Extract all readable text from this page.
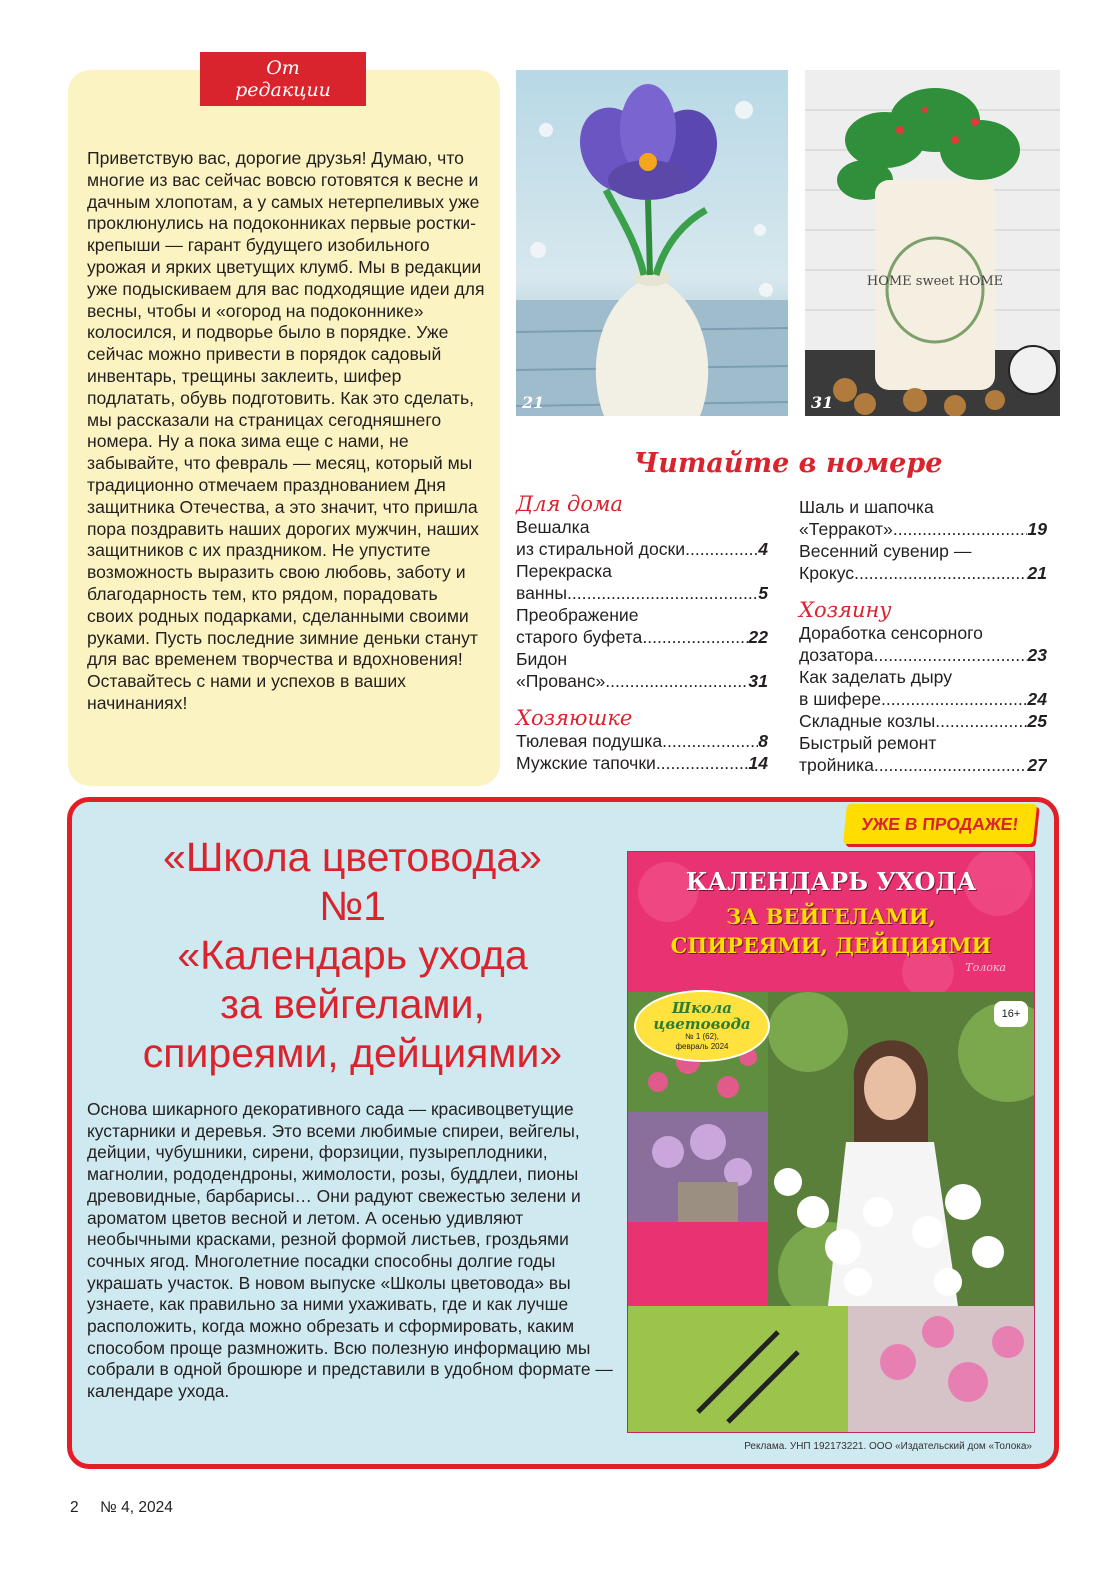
От
редакции
Приветствую вас, дорогие друзья! Думаю, что многие из вас сейчас вовсю готовятся к весне и дачным хлопотам, а у самых нетерпеливых уже проклюнулись на подоконниках первые ростки-крепыши — гарант будущего изобильного урожая и ярких цветущих клумб. Мы в редакции уже подыскиваем для вас подходящие идеи для весны, чтобы и «огород на подоконнике» колосился, и подворье было в порядке. Уже сейчас можно привести в порядок садовый инвентарь, трещины заклеить, шифер подлатать, обувь подготовить. Как это сделать, мы рассказали на страницах сегодняшнего номера. Ну а пока зима еще с нами, не забывайте, что февраль — месяц, который мы традиционно отмечаем празднованием Дня защитника Отечества, а это значит, что пришла пора поздравить наших дорогих мужчин, наших защитников с их праздником. Не упустите возможность выразить свою любовь, заботу и благодарность тем, кто рядом, порадовать своих родных подарками, сделанными своими руками. Пусть последние зимние деньки станут для вас временем творчества и вдохновения! Оставайтесь с нами и успехов в ваших начинаниях!
21
HOME sweet HOME
31
Читайте в номере
Для дома
Вешалка
из стиральной доски .....	4
Перекраска
ванны .....	5
Преображение
старого буфета .....	22
Бидон
«Прованс» .....	31
Хозяюшке
Тюлевая подушка .....	8
Мужские тапочки .....	14
Шаль и шапочка
«Терракот» .....	19
Весенний сувенир —
Крокус .....	21
Хозяину
Доработка сенсорного
дозатора .....	23
Как заделать дыру
в шифере .....	24
Складные козлы .....	25
Быстрый ремонт
тройника .....	27
УЖЕ В ПРОДАЖЕ!
«Школа цветовода»
№1
«Календарь ухода
за вейгелами,
спиреями, дейциями»
Основа шикарного декоративного сада — красивоцветущие кустарники и деревья. Это всеми любимые спиреи, вейгелы, дейции, чубушники, сирени, форзиции, пузыреплодники, магнолии, рододендроны, жимолости, розы, буддлеи, пионы древовидные, барбарисы… Они радуют свежестью зелени и ароматом цветов весной и летом. А осенью удивляют необычными красками, резной формой листьев, гроздьями сочных ягод. Многолетние посадки способны долгие годы украшать участок. В новом выпуске «Школы цветовода» вы узнаете, как правильно за ними ухаживать, где и как лучше расположить, когда можно обрезать и сформировать, каким способом проще размножить. Всю полезную информацию мы собрали в одной брошюре и представили в удобном формате — календаре ухода.
КАЛЕНДАРЬ УХОДА
ЗА ВЕЙГЕЛАМИ,
СПИРЕЯМИ, ДЕЙЦИЯМИ
Толока
Школа
цветовода
№ 1 (62),
февраль 2024
16+
Реклама. УНП 192173221. ООО «Издательский дом «Толока»
2 № 4, 2024
